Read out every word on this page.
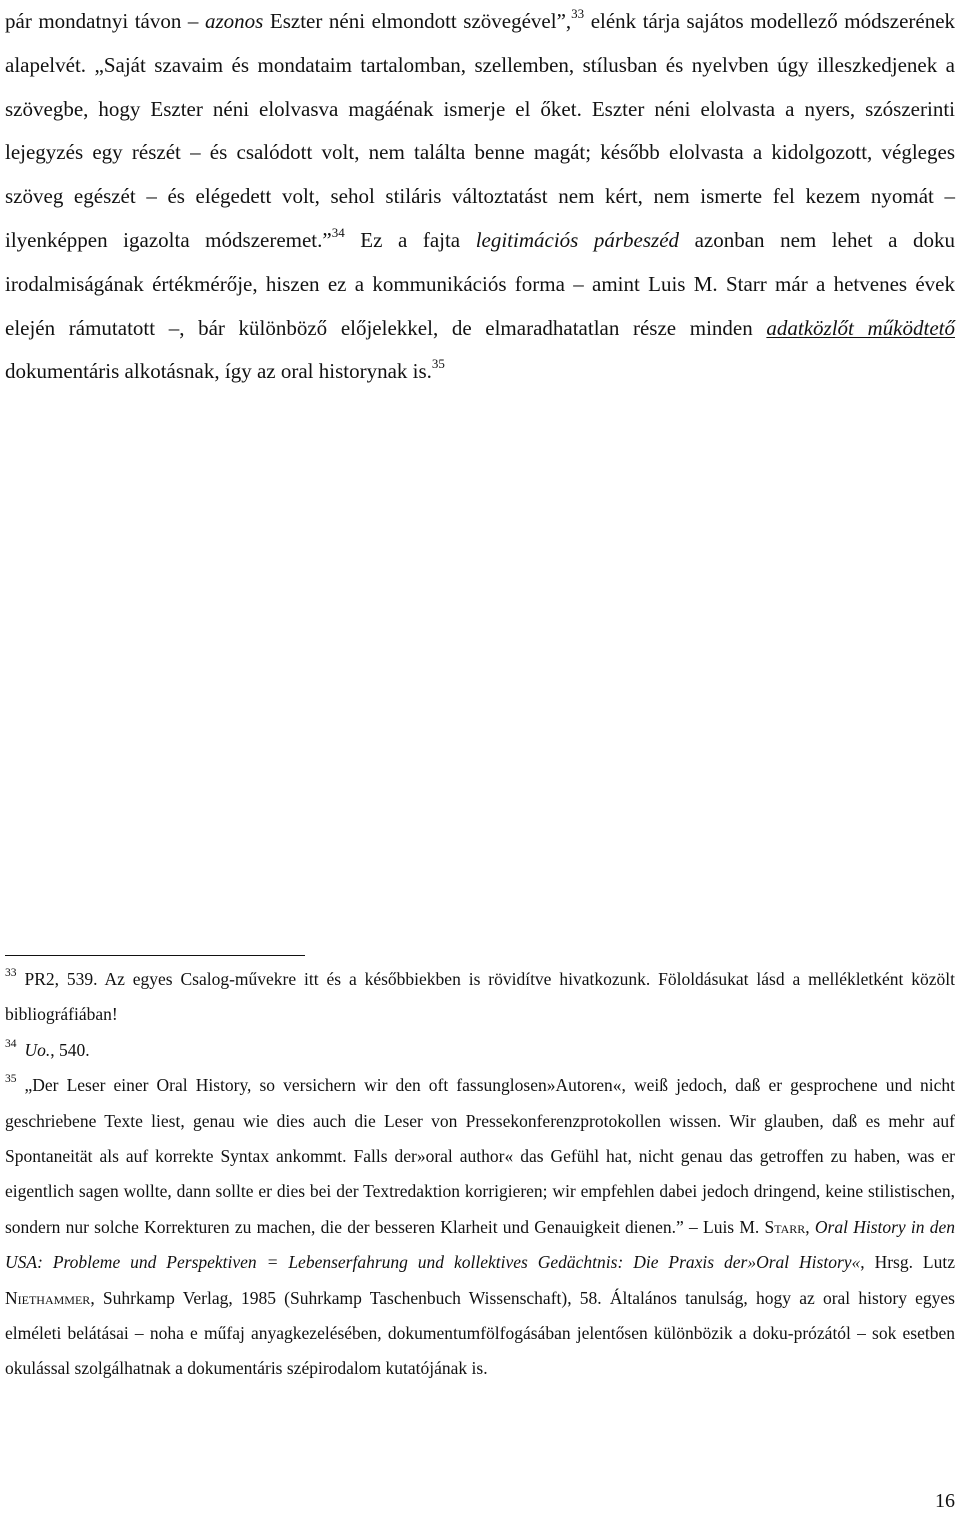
pár mondatnyi távon – azonos Eszter néni elmondott szövegével”,$^{33}$ elénk tárja sajátos modellező módszerének alapelvét. „Saját szavaim és mondataim tartalomban, szellemben, stílusban és nyelvben úgy illeszkedjenek a szövegbe, hogy Eszter néni elolvasva magáénak ismerje el őket. Eszter néni elolvasta a nyers, szószerinti lejegyzés egy részét – és csalódott volt, nem találta benne magát; később elolvasta a kidolgozott, végleges szöveg egészét – és elégedett volt, sehol stiláris változtatást nem kért, nem ismerte fel kezem nyomát – ilyenképpen igazolta módszeremet.”$^{34}$ Ez a fajta legitimációs párbeszéd azonban nem lehet a doku irodalmiságának értékmérője, hiszen ez a kommunikációs forma – amint Luis M. Starr már a hetvenes évek elején rámutatott –, bár különböző előjelekkel, de elmaradhatatlan része minden adatközlőt működtető dokumentáris alkotásnak, így az oral historynak is.$^{35}$

$^{33}$ PR2, 539. Az egyes Csalog-művekre itt és a későbbiekben is rövidítve hivatkozunk. Föloldásukat lásd a mellékletként közölt bibliográfiában!

$^{34}$ Uo., 540.

$^{35}$ „Der Leser einer Oral History, so versichern wir den oft fassunglosen»Autoren«, weiß jedoch, daß er gesprochene und nicht geschriebene Texte liest, genau wie dies auch die Leser von Pressekonferenzprotokollen wissen. Wir glauben, daß es mehr auf Spontaneität als auf korrekte Syntax ankommt. Falls der»oral author« das Gefühl hat, nicht genau das getroffen zu haben, was er eigentlich sagen wollte, dann sollte er dies bei der Textredaktion korrigieren; wir empfehlen dabei jedoch dringend, keine stilistischen, sondern nur solche Korrekturen zu machen, die der besseren Klarheit und Genauigkeit dienen.” – Luis M. Starr, Oral History in den USA: Probleme und Perspektiven = Lebenserfahrung und kollektives Gedächtnis: Die Praxis der»Oral History«, Hrsg. Lutz Niethammer, Suhrkamp Verlag, 1985 (Suhrkamp Taschenbuch Wissenschaft), 58. Általános tanulság, hogy az oral history egyes elméleti belátásai – noha e műfaj anyagkezelésében, dokumentumfölfogásában jelentősen különbözik a doku-prózától – sok esetben okulással szolgálhatnak a dokumentáris szépirodalom kutatójának is.

16
